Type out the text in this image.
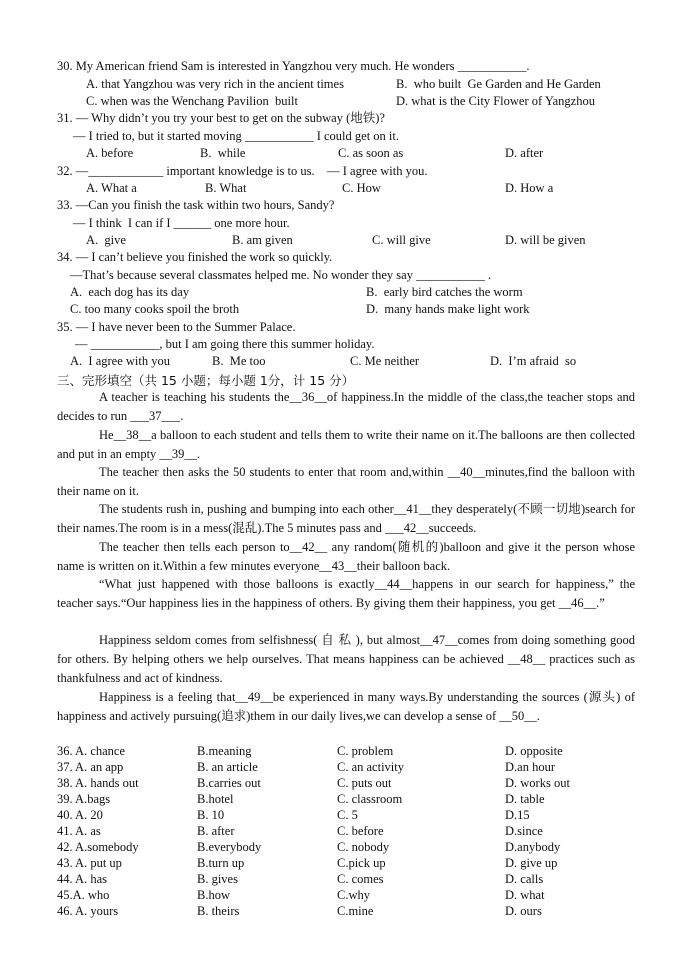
30. My American friend Sam is interested in Yangzhou very much. He wonders ___________.
A. that Yangzhou was very rich in the ancient times	B.  who built  Ge Garden and He Garden
C. when was the Wenchang Pavilion  built	D. what is the City Flower of Yangzhou
31. — Why didn’t you try your best to get on the subway (地铁)?
— I tried to, but it started moving ___________ I could get on it.
A. before	B.  while	C. as soon as	D. after
32. —____________ important knowledge is to us.    — I agree with you.
A. What a	B. What	C. How	D. How a
33. —Can you finish the task within two hours, Sandy?
— I think  I can if I ______ one more hour.
A.  give	B. am given	C. will give	D. will be given
34. — I can’t believe you finished the work so quickly.
—That’s because several classmates helped me. No wonder they say ___________ .
A.  each dog has its day	B.  early bird catches the worm
C. too many cooks spoil the broth	D.  many hands make light work
35. — I have never been to the Summer Palace.
— ___________, but I am going there this summer holiday.
A.  I agree with you	B.  Me too	C. Me neither	D.  I’m afraid  so
三、完形填空（共 15 小题；每小题 1分，计 15 分）
A teacher is teaching his students the__36__of happiness.In the middle of the class,the teacher stops and decides to run ___37___.
He__38__a balloon to each student and tells them to write their name on it.The balloons are then collected and put in an empty __39__.
The teacher then asks the 50 students to enter that room and,within __40__minutes,find the balloon with their name on it.
The students rush in, pushing and bumping into each other__41__they desperately(不顾一切地)search for their names.The room is in a mess(混乱).The 5 minutes pass and ___42__succeeds.
The teacher then tells each person to__42__ any random(随机的)balloon and give it the person whose name is written on it.Within a few minutes everyone__43__their balloon back.
“What just happened with those balloons is exactly__44__happens in our search for happiness,” the teacher says.“Our happiness lies in the happiness of others. By giving them their happiness, you get __46__.”
Happiness seldom comes from selfishness( 自 私 ), but almost__47__comes from doing something good for others. By helping others we help ourselves. That means happiness can be achieved __48__ practices such as thankfulness and act of kindness.
Happiness is a feeling that__49__be experienced in many ways.By understanding the sources (源头) of happiness and actively pursuing(追求)them in our daily lives,we can develop a sense of __50__.
36. A. chance	B.meaning	C. problem	D. opposite
37. A. an app	B. an article	C. an activity	D.an hour
38. A. hands out	B.carries out	C. puts out	D. works out
39. A.bags	B.hotel	C. classroom	D. table
40. A. 20	B. 10	C. 5	D.15
41. A. as	B. after	C. before	D.since
42. A.somebody	B.everybody	C. nobody	D.anybody
43. A. put up	B.turn up	C.pick up	D. give up
44. A. has	B. gives	C. comes	D. calls
45.A. who	B.how	C.why	D. what
46. A. yours	B. theirs	C.mine	D. ours
